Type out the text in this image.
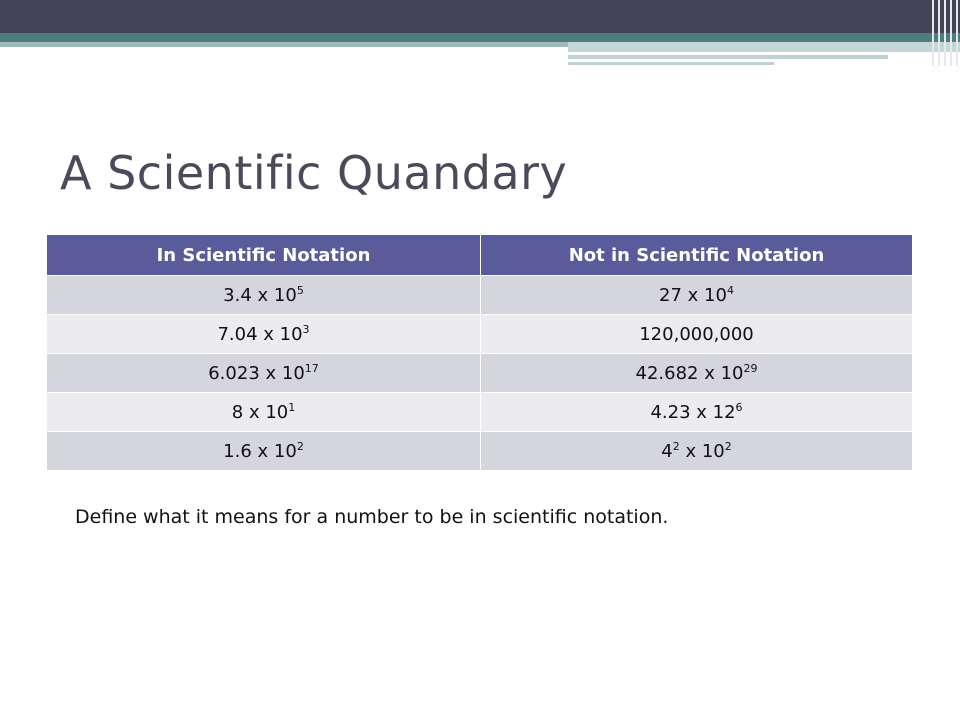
A Scientific Quandary
In Scientific Notation	Not in Scientific Notation
3.4 x $10^5$	27 x $10^4$
7.04 x $10^3$	120,000,000
6.023 x $10^{17}$	42.682 x $10^{29}$
8 x $10^1$	4.23 x $12^6$
1.6 x $10^2$	$4^2$ x $10^2$
Define what it means for a number to be in scientific notation.
